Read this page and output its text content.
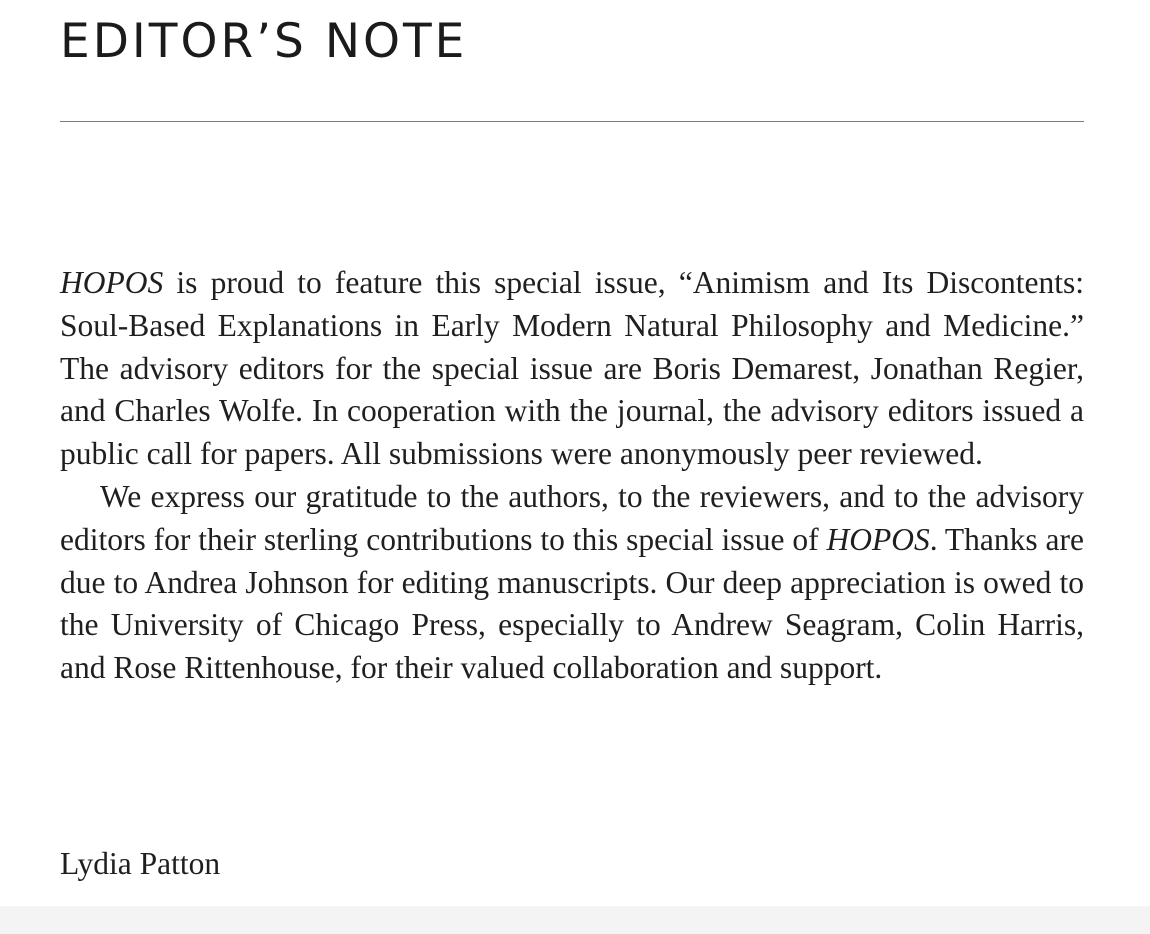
EDITOR’S NOTE

HOPOS is proud to feature this special issue, “Animism and Its Discontents: Soul-Based Explanations in Early Modern Natural Philosophy and Medicine.” The advisory editors for the special issue are Boris Demarest, Jonathan Regier, and Charles Wolfe. In cooperation with the journal, the advisory editors issued a public call for papers. All submissions were anonymously peer reviewed.

We express our gratitude to the authors, to the reviewers, and to the advisory editors for their sterling contributions to this special issue of HOPOS. Thanks are due to Andrea Johnson for editing manuscripts. Our deep appreciation is owed to the University of Chicago Press, especially to Andrew Seagram, Colin Harris, and Rose Rittenhouse, for their valued collaboration and support.

Lydia Patton
